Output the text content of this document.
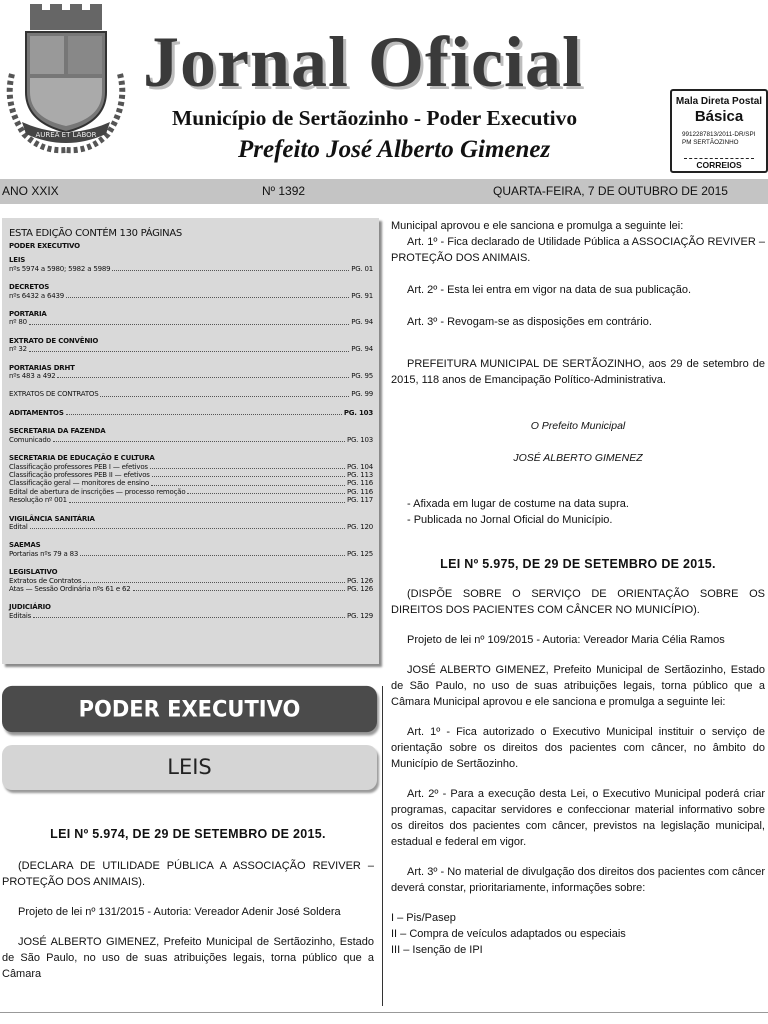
AUREA ET LABOR
Jornal Oficial
Município de Sertãozinho - Poder Executivo
Prefeito José Alberto Gimenez
Mala Direta Postal
Básica
9912287813/2011-DR/SPI
PM SERTÃOZINHO
CORREIOS
ANO XXIX	Nº 1392	QUARTA-FEIRA, 7 DE OUTUBRO DE 2015
ESTA EDIÇÃO CONTÉM 130 PÁGINAS
PODER EXECUTIVO
LEIS
nºs 5974 a 5980; 5982 a 5989	PG. 01
DECRETOS
nºs 6432 a 6439	PG. 91
PORTARIA
nº 80	PG. 94
EXTRATO DE CONVÊNIO
nº 32	PG. 94
PORTARIAS DRHT
nºs 483 a 492	PG. 95
EXTRATOS DE CONTRATOS	PG. 99
ADITAMENTOS	PG. 103
SECRETARIA DA FAZENDA
Comunicado	PG. 103
SECRETARIA DE EDUCAÇÃO E CULTURA
Classificação professores PEB I — efetivos	PG. 104
Classificação professores PEB II — efetivos	PG. 113
Classificação geral — monitores de ensino	PG. 116
Edital de abertura de inscrições — processo remoção	PG. 116
Resolução nº 001	PG. 117
VIGILÂNCIA SANITÁRIA
Edital	PG. 120
SAEMAS
Portarias nºs 79 a 83	PG. 125
LEGISLATIVO
Extratos de Contratos	PG. 126
Atas — Sessão Ordinária nºs 61 e 62	PG. 126
JUDICIÁRIO
Editais	PG. 129
PODER EXECUTIVO
LEIS

LEI Nº 5.974, DE 29 DE SETEMBRO DE 2015.

(DECLARA DE UTILIDADE PÚBLICA A ASSOCIAÇÃO REVIVER – PROTEÇÃO DOS ANIMAIS).

Projeto de lei nº 131/2015 - Autoria: Vereador Adenir José Soldera

JOSÉ ALBERTO GIMENEZ, Prefeito Municipal de Sertãozinho, Estado de São Paulo, no uso de suas atribuições legais, torna público que a Câmara

Municipal aprovou e ele sanciona e promulga a seguinte lei:

Art. 1º - Fica declarado de Utilidade Pública a ASSOCIAÇÃO REVIVER – PROTEÇÃO DOS ANIMAIS.

Art. 2º - Esta lei entra em vigor na data de sua publicação.

Art. 3º - Revogam-se as disposições em contrário.

PREFEITURA MUNICIPAL DE SERTÃOZINHO, aos 29 de setembro de 2015, 118 anos de Emancipação Político-Administrativa.

O Prefeito Municipal

JOSÉ ALBERTO GIMENEZ

- Afixada em lugar de costume na data supra.

- Publicada no Jornal Oficial do Município.

LEI Nº 5.975, DE 29 DE SETEMBRO DE 2015.

(DISPÕE SOBRE O SERVIÇO DE ORIENTAÇÃO SOBRE OS DIREITOS DOS PACIENTES COM CÂNCER NO MUNICÍPIO).

Projeto de lei nº 109/2015 - Autoria: Vereador Maria Célia Ramos

JOSÉ ALBERTO GIMENEZ, Prefeito Municipal de Sertãozinho, Estado de São Paulo, no uso de suas atribuições legais, torna público que a Câmara Municipal aprovou e ele sanciona e promulga a seguinte lei:

Art. 1º - Fica autorizado o Executivo Municipal instituir o serviço de orientação sobre os direitos dos pacientes com câncer, no âmbito do Município de Sertãozinho.

Art. 2º - Para a execução desta Lei, o Executivo Municipal poderá criar programas, capacitar servidores e confeccionar material informativo sobre os direitos dos pacientes com câncer, previstos na legislação municipal, estadual e federal em vigor.

Art. 3º - No material de divulgação dos direitos dos pacientes com câncer deverá constar, prioritariamente, informações sobre:

I – Pis/Pasep

II – Compra de veículos adaptados ou especiais

III – Isenção de IPI
